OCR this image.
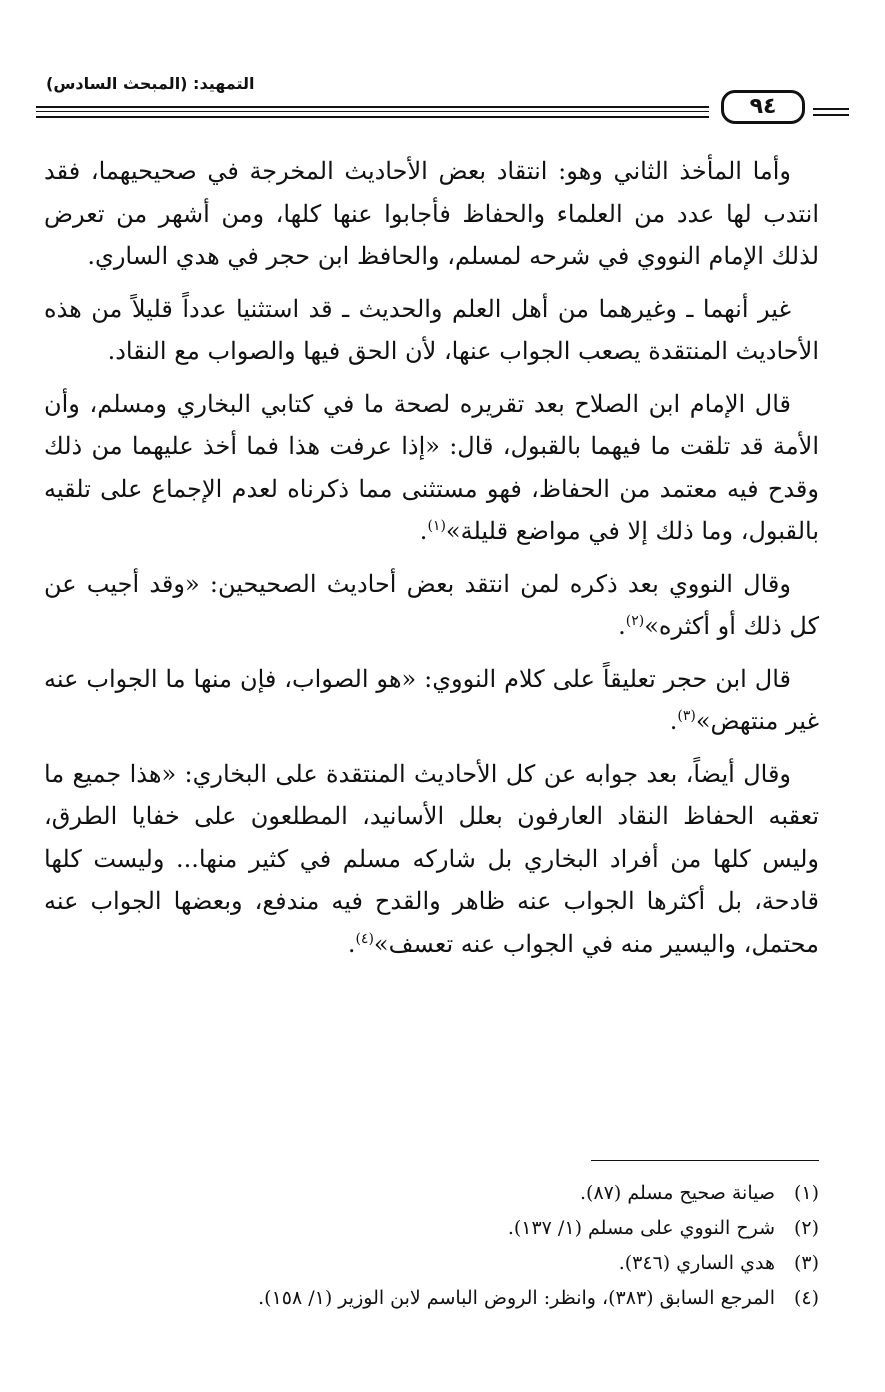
التمهيد: (المبحث السادس)
٩٤

وأما المأخذ الثاني وهو: انتقاد بعض الأحاديث المخرجة في صحيحيهما، فقد انتدب لها عدد من العلماء والحفاظ فأجابوا عنها كلها، ومن أشهر من تعرض لذلك الإمام النووي في شرحه لمسلم، والحافظ ابن حجر في هدي الساري.

غير أنهما ـ وغيرهما من أهل العلم والحديث ـ قد استثنيا عدداً قليلاً من هذه الأحاديث المنتقدة يصعب الجواب عنها، لأن الحق فيها والصواب مع النقاد.

قال الإمام ابن الصلاح بعد تقريره لصحة ما في كتابي البخاري ومسلم، وأن الأمة قد تلقت ما فيهما بالقبول، قال: «إذا عرفت هذا فما أخذ عليهما من ذلك وقدح فيه معتمد من الحفاظ، فهو مستثنى مما ذكرناه لعدم الإجماع على تلقيه بالقبول، وما ذلك إلا في مواضع قليلة»$^{(١)}$.

وقال النووي بعد ذكره لمن انتقد بعض أحاديث الصحيحين: «وقد أجيب عن كل ذلك أو أكثره»$^{(٢)}$.

قال ابن حجر تعليقاً على كلام النووي: «هو الصواب، فإن منها ما الجواب عنه غير منتهض»$^{(٣)}$.

وقال أيضاً، بعد جوابه عن كل الأحاديث المنتقدة على البخاري: «هذا جميع ما تعقبه الحفاظ النقاد العارفون بعلل الأسانيد، المطلعون على خفايا الطرق، وليس كلها من أفراد البخاري بل شاركه مسلم في كثير منها... وليست كلها قادحة، بل أكثرها الجواب عنه ظاهر والقدح فيه مندفع، وبعضها الجواب عنه محتمل، واليسير منه في الجواب عنه تعسف»$^{(٤)}$.

(١)صيانة صحيح مسلم (٨٧).

(٢)شرح النووي على مسلم (١/ ١٣٧).

(٣)هدي الساري (٣٤٦).

(٤)المرجع السابق (٣٨٣)، وانظر: الروض الباسم لابن الوزير (١/ ١٥٨).
